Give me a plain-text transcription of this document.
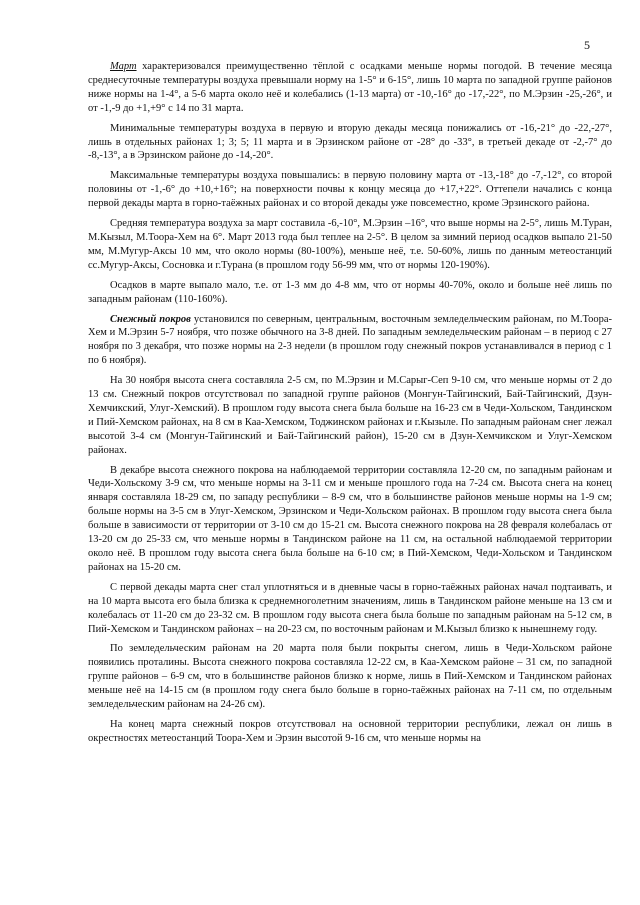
5

Март характеризовался преимущественно тёплой с осадками меньше нормы погодой. В течение месяца среднесуточные температуры воздуха превышали норму на 1-5° и 6-15°, лишь 10 марта по западной группе районов ниже нормы на 1-4°, а 5-6 марта около неё и колебались (1-13 марта) от -10,-16° до -17,-22°, по М.Эрзин -25,-26°, и от -1,-9 до +1,+9° с 14 по 31 марта.

Минимальные температуры воздуха в первую и вторую декады месяца понижались от -16,-21° до -22,-27°, лишь в отдельных районах 1; 3; 5; 11 марта и в Эрзинском районе от -28° до -33°, в третьей декаде от -2,-7° до -8,-13°, а в Эрзинском районе до -14,-20°.

Максимальные температуры воздуха повышались: в первую половину марта от -13,-18° до -7,-12°, со второй половины от -1,-6° до +10,+16°; на поверхности почвы к концу месяца до +17,+22°. Оттепели начались с конца первой декады марта в горно-таёжных районах и со второй декады уже повсеместно, кроме Эрзинского района.

Средняя температура воздуха за март составила -6,-10°, М.Эрзин –16°, что выше нормы на 2-5°, лишь М.Туран, М.Кызыл, М.Тоора-Хем на 6°. Март 2013 года был теплее на 2-5°. В целом за зимний период осадков выпало 21-50 мм, М.Мугур-Аксы 10 мм, что около нормы (80-100%), меньше неё, т.е. 50-60%, лишь по данным метеостанций сс.Мугур-Аксы, Сосновка и г.Турана (в прошлом году 56-99 мм, что от нормы 120-190%).

Осадков в марте выпало мало, т.е. от 1-3 мм до 4-8 мм, что от нормы 40-70%, около и больше неё лишь по западным районам (110-160%).

Снежный покров установился по северным, центральным, восточным земледельческим районам, по М.Тоора-Хем и М.Эрзин 5-7 ноября, что позже обычного на 3-8 дней. По западным земледельческим районам – в период с 27 ноября по 3 декабря, что позже нормы на 2-3 недели (в прошлом году снежный покров устанавливался в период с 1 по 6 ноября).

На 30 ноября высота снега составляла 2-5 см, по М.Эрзин и М.Сарыг-Сеп 9-10 см, что меньше нормы от 2 до 13 см. Снежный покров отсутствовал по западной группе районов (Монгун-Тайгинский, Бай-Тайгинский, Дзун-Хемчикский, Улуг-Хемский). В прошлом году высота снега была больше на 16-23 см в Чеди-Хольском, Тандинском и Пий-Хемском районах, на 8 см в Каа-Хемском, Тоджинском районах и г.Кызыле. По западным районам снег лежал высотой 3-4 см (Монгун-Тайгинский и Бай-Тайгинский район), 15-20 см в Дзун-Хемчикском и Улуг-Хемском районах.

В декабре высота снежного покрова на наблюдаемой территории составляла 12-20 см, по западным районам и Чеди-Хольскому 3-9 см, что меньше нормы на 3-11 см и меньше прошлого года на 7-24 см. Высота снега на конец января составляла 18-29 см, по западу республики – 8-9 см, что в большинстве районов меньше нормы на 1-9 см; больше нормы на 3-5 см в Улуг-Хемском, Эрзинском и Чеди-Хольском районах. В прошлом году высота снега была больше в зависимости от территории от 3-10 см до 15-21 см. Высота снежного покрова на 28 февраля колебалась от 13-20 см до 25-33 см, что меньше нормы в Тандинском районе на 11 см, на остальной наблюдаемой территории около неё. В прошлом году высота снега была больше на 6-10 см; в Пий-Хемском, Чеди-Хольском и Тандинском районах на 15-20 см.

С первой декады марта снег стал уплотняться и в дневные часы в горно-таёжных районах начал подтаивать, и на 10 марта высота его была близка к среднемноголетним значениям, лишь в Тандинском районе меньше на 13 см и колебалась от 11-20 см до 23-32 см. В прошлом году высота снега была больше по западным районам на 5-12 см, в Пий-Хемском и Тандинском районах – на 20-23 см, по восточным районам и М.Кызыл близко к нынешнему году.

По земледельческим районам на 20 марта поля были покрыты снегом, лишь в Чеди-Хольском районе появились проталины. Высота снежного покрова составляла 12-22 см, в Каа-Хемском районе – 31 см, по западной группе районов – 6-9 см, что в большинстве районов близко к норме, лишь в Пий-Хемском и Тандинском районах меньше неё на 14-15 см (в прошлом году снега было больше в горно-таёжных районах на 7-11 см, по отдельным земледельческим районам на 24-26 см).

На конец марта снежный покров отсутствовал на основной территории республики, лежал он лишь в окрестностях метеостанций Тоора-Хем и Эрзин высотой 9-16 см, что меньше нормы на
